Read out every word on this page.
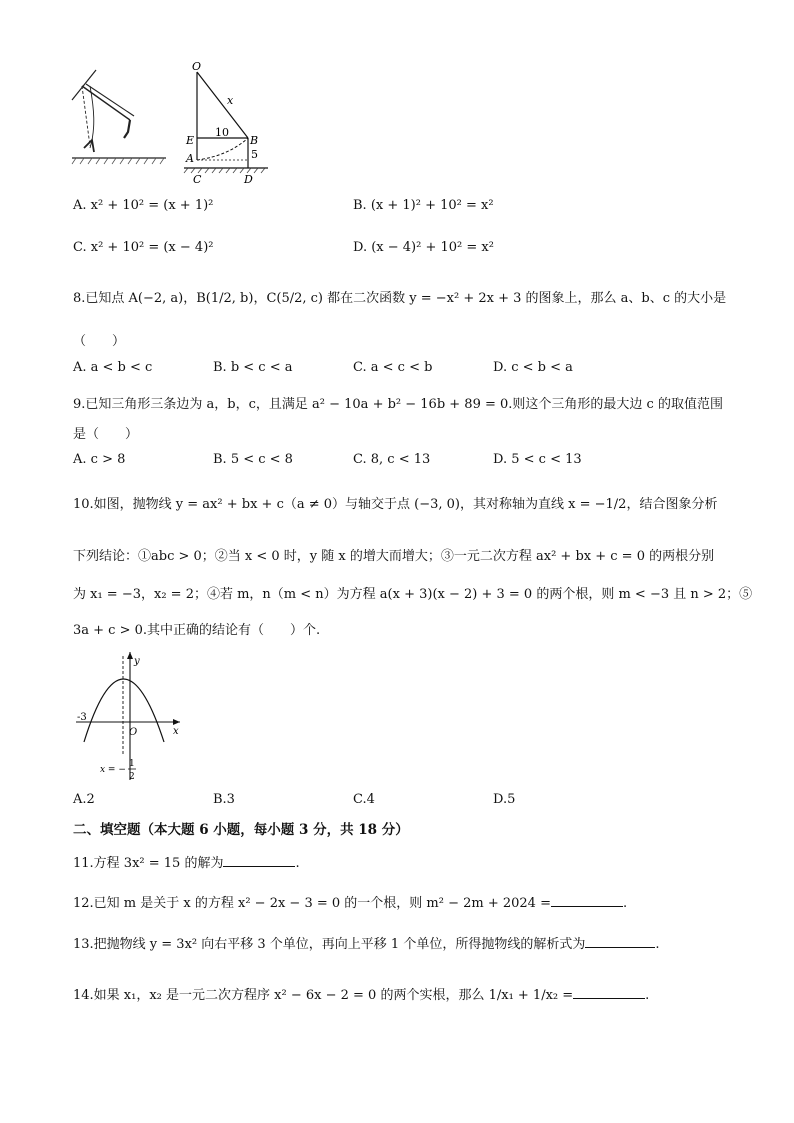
O
x
E
10
B
A	5
C	D
A. x² + 10² = (x + 1)²	B. (x + 1)² + 10² = x²
C. x² + 10² = (x − 4)²	D. (x − 4)² + 10² = x²
8.已知点 A(−2, a)，B(1/2, b)，C(5/2, c) 都在二次函数 y = −x² + 2x + 3 的图象上，那么 a、b、c 的大小是
（　　）
A. a < b < c	B. b < c < a	C. a < c < b	D. c < b < a
9.已知三角形三条边为 a，b，c，且满足 a² − 10a + b² − 16b + 89 = 0.则这个三角形的最大边 c 的取值范围
是（　　）
A. c > 8	B. 5 < c < 8	C. 8, c < 13	D. 5 < c < 13
10.如图，抛物线 y = ax² + bx + c（a ≠ 0）与轴交于点 (−3, 0)，其对称轴为直线 x = −1/2，结合图象分析
下列结论：①abc > 0；②当 x < 0 时，y 随 x 的增大而增大；③一元二次方程 ax² + bx + c = 0 的两根分别
为 x₁ = −3，x₂ = 2；④若 m，n（m < n）为方程 a(x + 3)(x − 2) + 3 = 0 的两个根，则 m < −3 且 n > 2；⑤
3a + c > 0.其中正确的结论有（　　）个.
y
x
O
-3
x = −
1
2
A.2	B.3	C.4	D.5
二、填空题（本大题 6 小题，每小题 3 分，共 18 分）
11.方程 3x² = 15 的解为	.
12.已知 m 是关于 x 的方程 x² − 2x − 3 = 0 的一个根，则 m² − 2m + 2024 =	.
13.把抛物线 y = 3x² 向右平移 3 个单位，再向上平移 1 个单位，所得抛物线的解析式为	.
14.如果 x₁，x₂ 是一元二次方程序 x² − 6x − 2 = 0 的两个实根，那么 1/x₁ + 1/x₂ =	.
